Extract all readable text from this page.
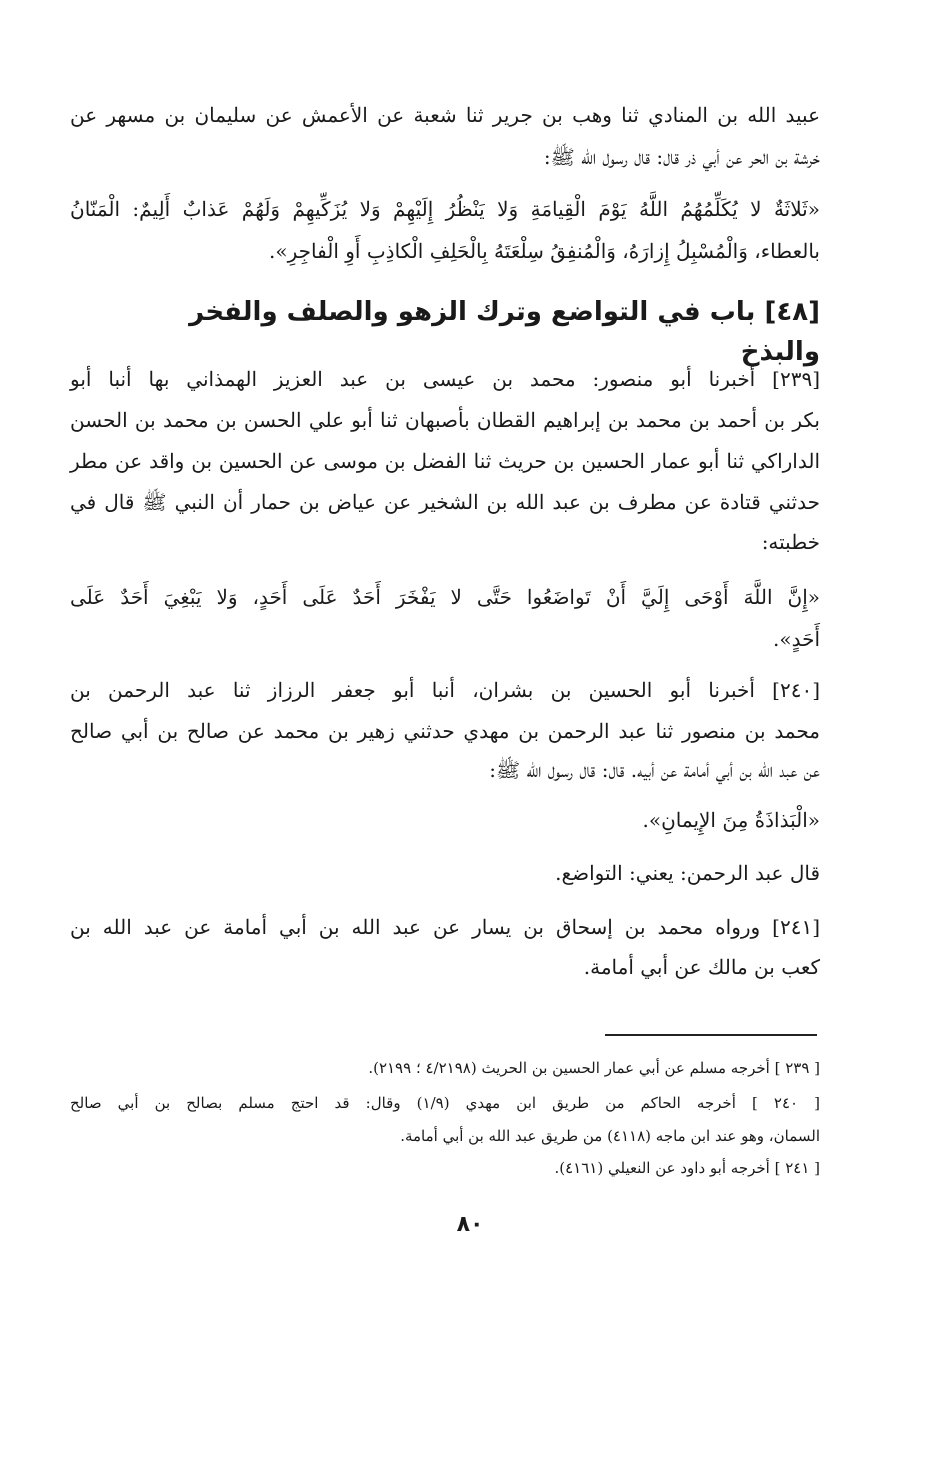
عبيد الله بن المنادي ثنا وهب بن جرير ثنا شعبة عن الأعمش عن سليمان بن مسهر عن
خرشة بن الحر عن أبي ذر قال: قال رسول الله ﷺ:
«ثَلاثَةٌ لا يُكَلِّمُهُمُ اللَّهُ يَوْمَ الْقِيامَةِ وَلا يَنْظُرُ إِلَيْهِمْ وَلا يُزَكِّيهِمْ وَلَهُمْ عَذابٌ أَلِيمٌ: الْمَنّانُ
بالعطاء، وَالْمُسْبِلُ إِزارَهُ، وَالْمُنفِقُ سِلْعَتَهُ بِالْحَلِفِ الْكاذِبِ أَوِ الْفاجِرِ».
[٤٨] باب في التواضع وترك الزهو والصلف والفخر والبذخ
[٢٣٩] أخبرنا أبو منصور: محمد بن عيسى بن عبد العزيز الهمذاني بها أنبا أبو
بكر بن أحمد بن محمد بن إبراهيم القطان بأصبهان ثنا أبو علي الحسن بن محمد بن الحسن
الداراكي ثنا أبو عمار الحسين بن حريث ثنا الفضل بن موسى عن الحسين بن واقد عن مطر
حدثني قتادة عن مطرف بن عبد الله بن الشخير عن عياض بن حمار أن النبي ﷺ قال في
خطبته:
«إِنَّ اللَّهَ أَوْحَى إِلَيَّ أَنْ تَواضَعُوا حَتَّى لا يَفْخَرَ أَحَدٌ عَلَى أَحَدٍ، وَلا يَبْغِيَ أَحَدٌ عَلَى
أَحَدٍ».
[٢٤٠] أخبرنا أبو الحسين بن بشران، أنبا أبو جعفر الرزاز ثنا عبد الرحمن بن
محمد بن منصور ثنا عبد الرحمن بن مهدي حدثني زهير بن محمد عن صالح بن أبي صالح
عن عبد الله بن أبي أمامة عن أبيه. قال: قال رسول الله ﷺ:
«الْبَذاذَةُ مِنَ الإِيمانِ».
قال عبد الرحمن: يعني: التواضع.
[٢٤١] ورواه محمد بن إسحاق بن يسار عن عبد الله بن أبي أمامة عن عبد الله بن
كعب بن مالك عن أبي أمامة.
[ ٢٣٩ ] أخرجه مسلم عن أبي عمار الحسين بن الحريث (٤/٢١٩٨ ؛ ٢١٩٩).
[ ٢٤٠ ] أخرجه الحاكم من طريق ابن مهدي (١/٩) وقال: قد احتج مسلم بصالح بن أبي صالح
السمان، وهو عند ابن ماجه (٤١١٨) من طريق عبد الله بن أبي أمامة.
[ ٢٤١ ] أخرجه أبو داود عن النعيلي (٤١٦١).
٨٠
